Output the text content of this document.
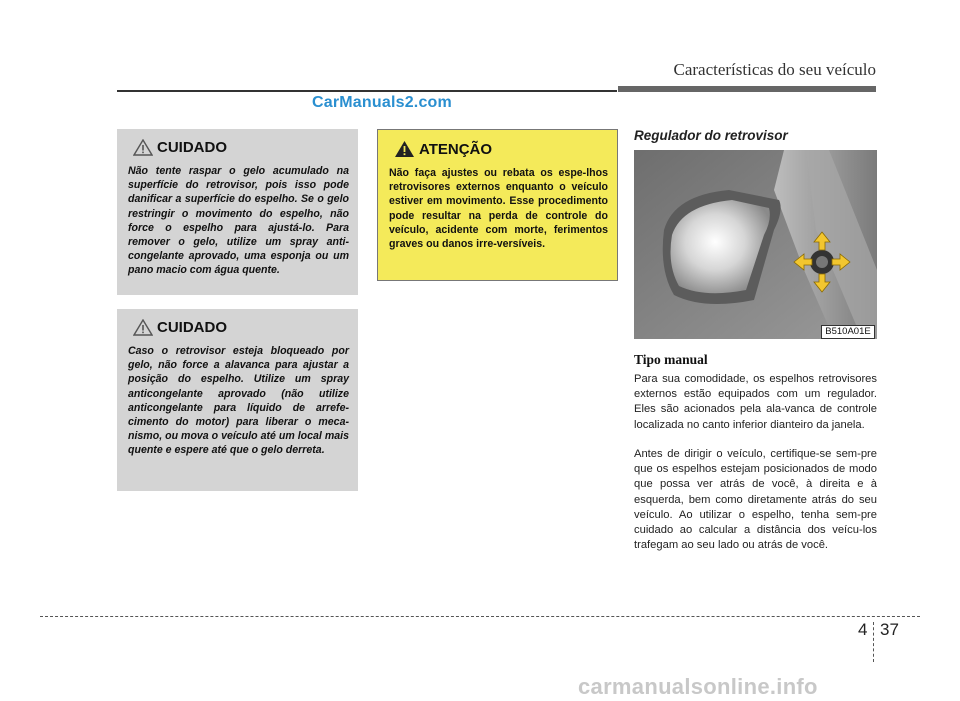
Características do seu veículo
CarManuals2.com
CUIDADO
Não tente raspar o gelo acumulado na superfície do retrovisor, pois isso pode danificar a superfície do espelho. Se o gelo restringir o movimento do espelho, não force o espelho para ajustá-lo. Para remover o gelo, utilize um spray anti-congelante aprovado, uma esponja ou um pano macio com água quente.
CUIDADO
Caso o retrovisor esteja bloqueado por gelo, não force a alavanca para ajustar a posição do espelho. Utilize um spray anticongelante aprovado (não utilize anticongelante para líquido de arrefe-cimento do motor) para liberar o meca-nismo, ou mova o veículo até um local mais quente e espere até que o gelo derreta.
ATENÇÃO
Não faça ajustes ou rebata os espe-lhos retrovisores externos enquanto o veículo estiver em movimento. Esse procedimento pode resultar na perda de controle do veículo, acidente com morte, ferimentos graves ou danos irre-versíveis.
Regulador do retrovisor
B510A01E
Tipo manual
Para sua comodidade, os espelhos retrovisores externos estão equipados com um regulador. Eles são acionados pela ala-vanca de controle localizada no canto inferior dianteiro da janela.
Antes de dirigir o veículo, certifique-se sem-pre que os espelhos estejam posicionados de modo que possa ver atrás de você, à direita e à esquerda, bem como diretamente atrás do seu veículo. Ao utilizar o espelho, tenha sem-pre cuidado ao calcular a distância dos veícu-los trafegam ao seu lado ou atrás de você.
4 37
carmanualsonline.info
